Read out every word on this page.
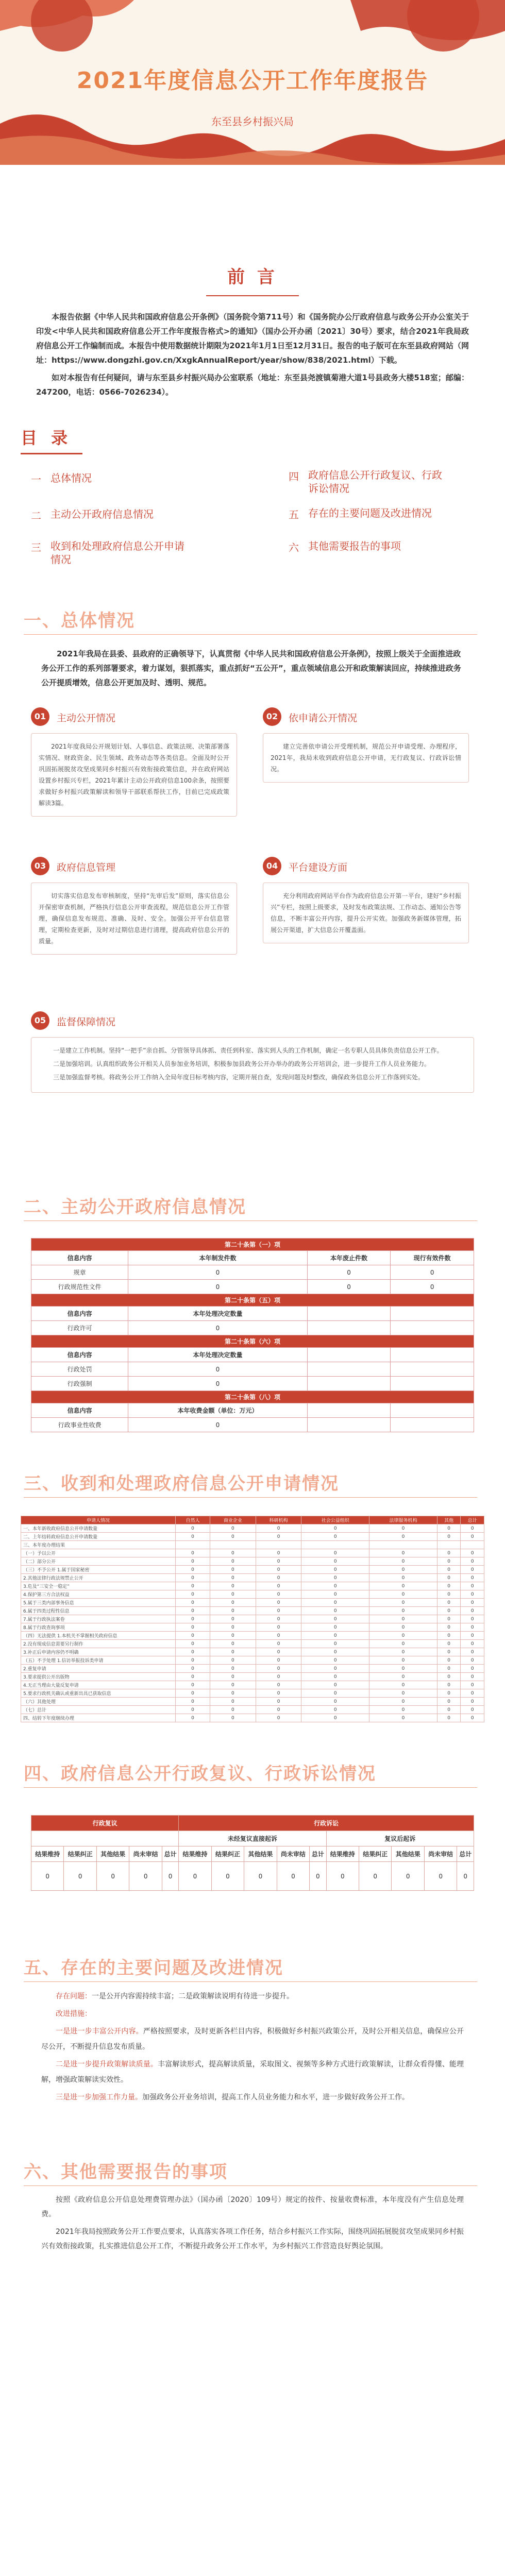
2021年度信息公开工作年度报告
东至县乡村振兴局
前 言

本报告依据《中华人民共和国政府信息公开条例》（国务院令第711号）和《国务院办公厅政府信息与政务公开办公室关于印发<中华人民共和国政府信息公开工作年度报告格式>的通知》（国办公开办函〔2021〕30号）要求，结合2021年我局政府信息公开工作编制而成。本报告中使用数据统计期限为2021年1月1日至12月31日。报告的电子版可在东至县政府网站（网址：https://www.dongzhi.gov.cn/XxgkAnnualReport/year/show/838/2021.html）下载。

如对本报告有任何疑问，请与东至县乡村振兴局办公室联系（地址：东至县尧渡镇菊港大道1号县政务大楼518室；邮编：247200，电话：0566-7026234）。

目 录
一 总体情况
二 主动公开政府信息情况
三 收到和处理政府信息公开申请情况
四 政府信息公开行政复议、行政诉讼情况
五 存在的主要问题及改进情况
六 其他需要报告的事项
一、总体情况
2021年我局在县委、县政府的正确领导下，认真贯彻《中华人民共和国政府信息公开条例》，按照上级关于全面推进政务公开工作的系列部署要求，着力谋划，狠抓落实，重点抓好“五公开”，重点领域信息公开和政策解读回应，持续推进政务公开提质增效，信息公开更加及时、透明、规范。
01	主动公开情况
2021年度我局公开规划计划、人事信息、政策法规、决策部署落实情况、财政资金、民生领域、政务动态等各类信息。全面及时公开巩固拓展脱贫攻坚成果同乡村振兴有效衔接政策信息，并在政府网站设置乡村振兴专栏，2021年累计主动公开政府信息100余条，按照要求做好乡村振兴政策解读和领导干部联系帮扶工作，目前已完成政策解读3篇。
02	依申请公开情况
建立完善依申请公开受理机制，规范公开申请受理、办理程序，2021年，我局未收到政府信息公开申请，无行政复议、行政诉讼情况。
03	政府信息管理
切实落实信息发布审核制度，坚持“先审后发”原则，落实信息公开保密审查机制，严格执行信息公开审查流程，规范信息公开工作管理，确保信息发布规范、准确、及时、安全。加强公开平台信息管理，定期检查更新，及时对过期信息进行清理，提高政府信息公开的质量。
04	平台建设方面
充分利用政府网站平台作为政府信息公开第一平台，建好“乡村振兴”专栏，按照上级要求，及时发布政策法规、工作动态、通知公告等信息，不断丰富公开内容，提升公开实效。加强政务新媒体管理，拓展公开渠道，扩大信息公开覆盖面。
05	监督保障情况

一是建立工作机制。坚持“一把手”亲自抓、分管领导具体抓、责任到科室、落实到人头的工作机制，确定一名专职人员具体负责信息公开工作。

二是加强培训。认真组织政务公开相关人员参加业务培训，积极参加县政务公开办举办的政务公开培训会，进一步提升工作人员业务能力。

三是加强监督考核。将政务公开工作纳入全局年度目标考核内容，定期开展自查，发现问题及时整改，确保政务信息公开工作落到实处。

二、主动公开政府信息情况
第二十条第（一）项			
信息内容	本年制发件数	本年废止件数	现行有效件数
规章	0	0	0
行政规范性文件	0	0	0
第二十条第（五）项			
信息内容	本年处理决定数量		
行政许可	0		
第二十条第（六）项			
信息内容	本年处理决定数量		
行政处罚	0		
行政强制	0		
第二十条第（八）项			
信息内容	本年收费金额（单位：万元）		
行政事业性收费	0		
三、收到和处理政府信息公开申请情况
申请人情况	自然人	商业企业	科研机构	社会公益组织	法律服务机构	其他	总计
一、本年新收政府信息公开申请数量	0	0	0	0	0	0	0
二、上年结转政府信息公开申请数量	0	0	0	0	0	0	0
三、本年度办理结果							
（一）予以公开	0	0	0	0	0	0	0
（二）部分公开	0	0	0	0	0	0	0
（三）不予公开 1.属于国家秘密	0	0	0	0	0	0	0
2.其他法律行政法规禁止公开	0	0	0	0	0	0	0
3.危及“三安全一稳定”	0	0	0	0	0	0	0
4.保护第三方合法权益	0	0	0	0	0	0	0
5.属于三类内部事务信息	0	0	0	0	0	0	0
6.属于四类过程性信息	0	0	0	0	0	0	0
7.属于行政执法案卷	0	0	0	0	0	0	0
8.属于行政查询事项	0	0	0	0	0	0	0
（四）无法提供 1.本机关不掌握相关政府信息	0	0	0	0	0	0	0
2.没有现成信息需要另行制作	0	0	0	0	0	0	0
3.补正后申请内容仍不明确	0	0	0	0	0	0	0
（五）不予处理 1.信访举报投诉类申请	0	0	0	0	0	0	0
2.重复申请	0	0	0	0	0	0	0
3.要求提供公开出版物	0	0	0	0	0	0	0
4.无正当理由大量反复申请	0	0	0	0	0	0	0
5.要求行政机关确认或重新出具已获取信息	0	0	0	0	0	0	0
（六）其他处理	0	0	0	0	0	0	0
（七）总计	0	0	0	0	0	0	0
四、结转下年度继续办理	0	0	0	0	0	0	0
四、政府信息公开行政复议、行政诉讼情况
行政复议					行政诉讼									
					未经复议直接起诉					复议后起诉				
结果维持	结果纠正	其他结果	尚未审结	总计	结果维持	结果纠正	其他结果	尚未审结	总计	结果维持	结果纠正	其他结果	尚未审结	总计
0	0	0	0	0	0	0	0	0	0	0	0	0	0	0
五、存在的主要问题及改进情况

存在问题：一是公开内容需持续丰富；二是政策解读说明有待进一步提升。

改进措施：

一是进一步丰富公开内容。严格按照要求，及时更新各栏目内容，积极做好乡村振兴政策公开，及时公开相关信息，确保应公开尽公开，不断提升信息发布质量。

二是进一步提升政策解读质量。丰富解读形式，提高解读质量，采取图文、视频等多种方式进行政策解读，让群众看得懂、能理解，增强政策解读实效性。

三是进一步加强工作力量。加强政务公开业务培训，提高工作人员业务能力和水平，进一步做好政务公开工作。

六、其他需要报告的事项

按照《政府信息公开信息处理费管理办法》（国办函〔2020〕109号）规定的按件、按量收费标准，本年度没有产生信息处理费。

2021年我局按照政务公开工作要点要求，认真落实各项工作任务，结合乡村振兴工作实际，围绕巩固拓展脱贫攻坚成果同乡村振兴有效衔接政策，扎实推进信息公开工作，不断提升政务公开工作水平，为乡村振兴工作营造良好舆论氛围。
